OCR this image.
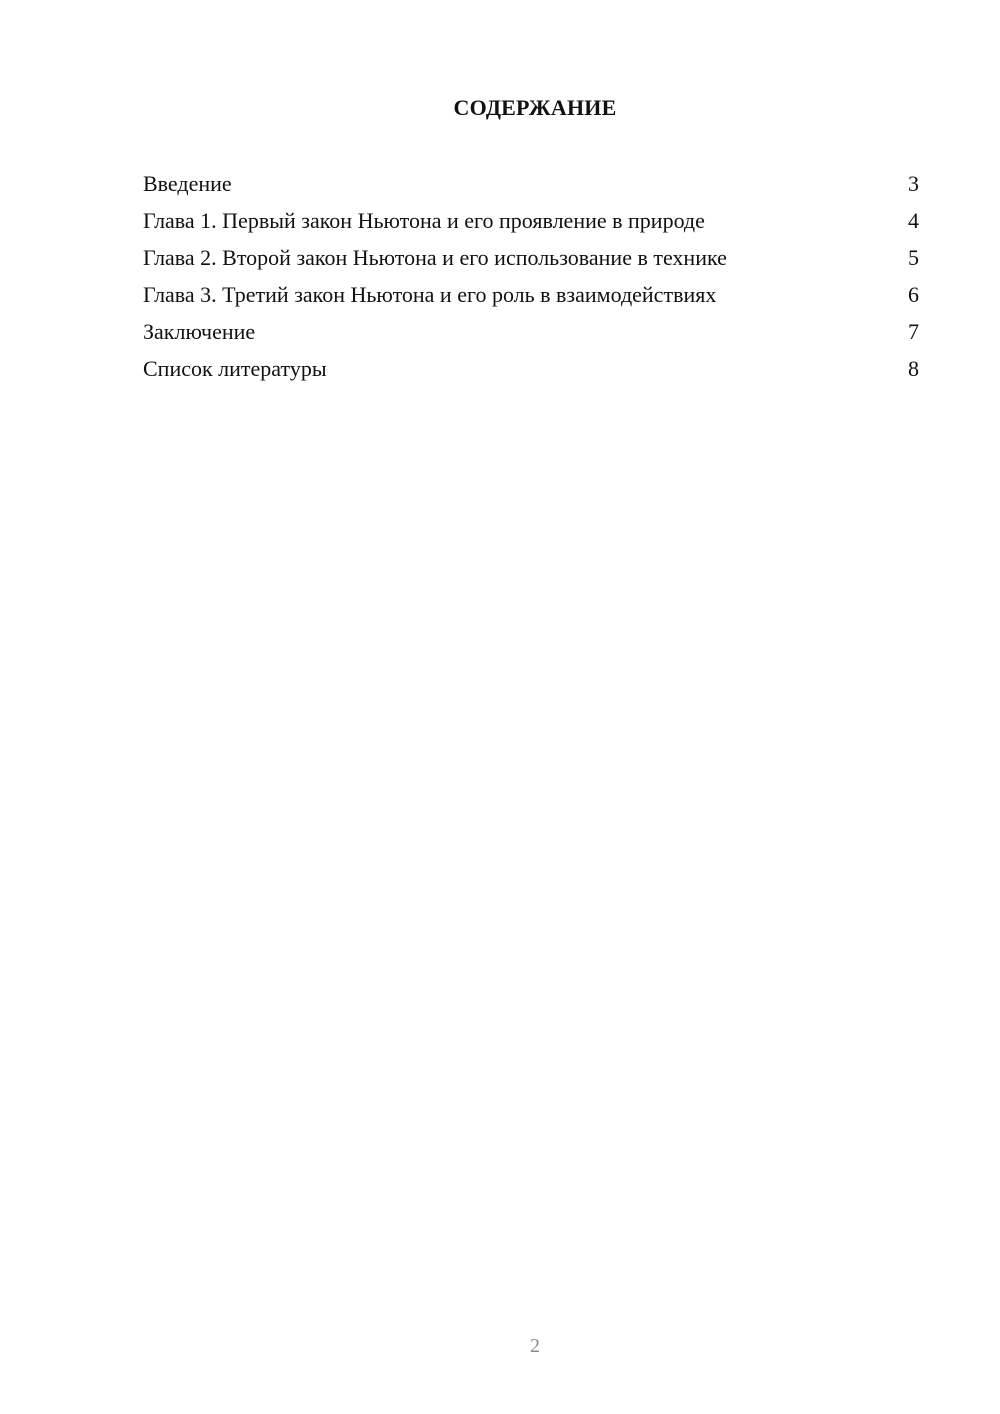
СОДЕРЖАНИЕ
Введение	3
Глава 1. Первый закон Ньютона и его проявление в природе	4
Глава 2. Второй закон Ньютона и его использование в технике	5
Глава 3. Третий закон Ньютона и его роль в взаимодействиях	6
Заключение	7
Список литературы	8
2
